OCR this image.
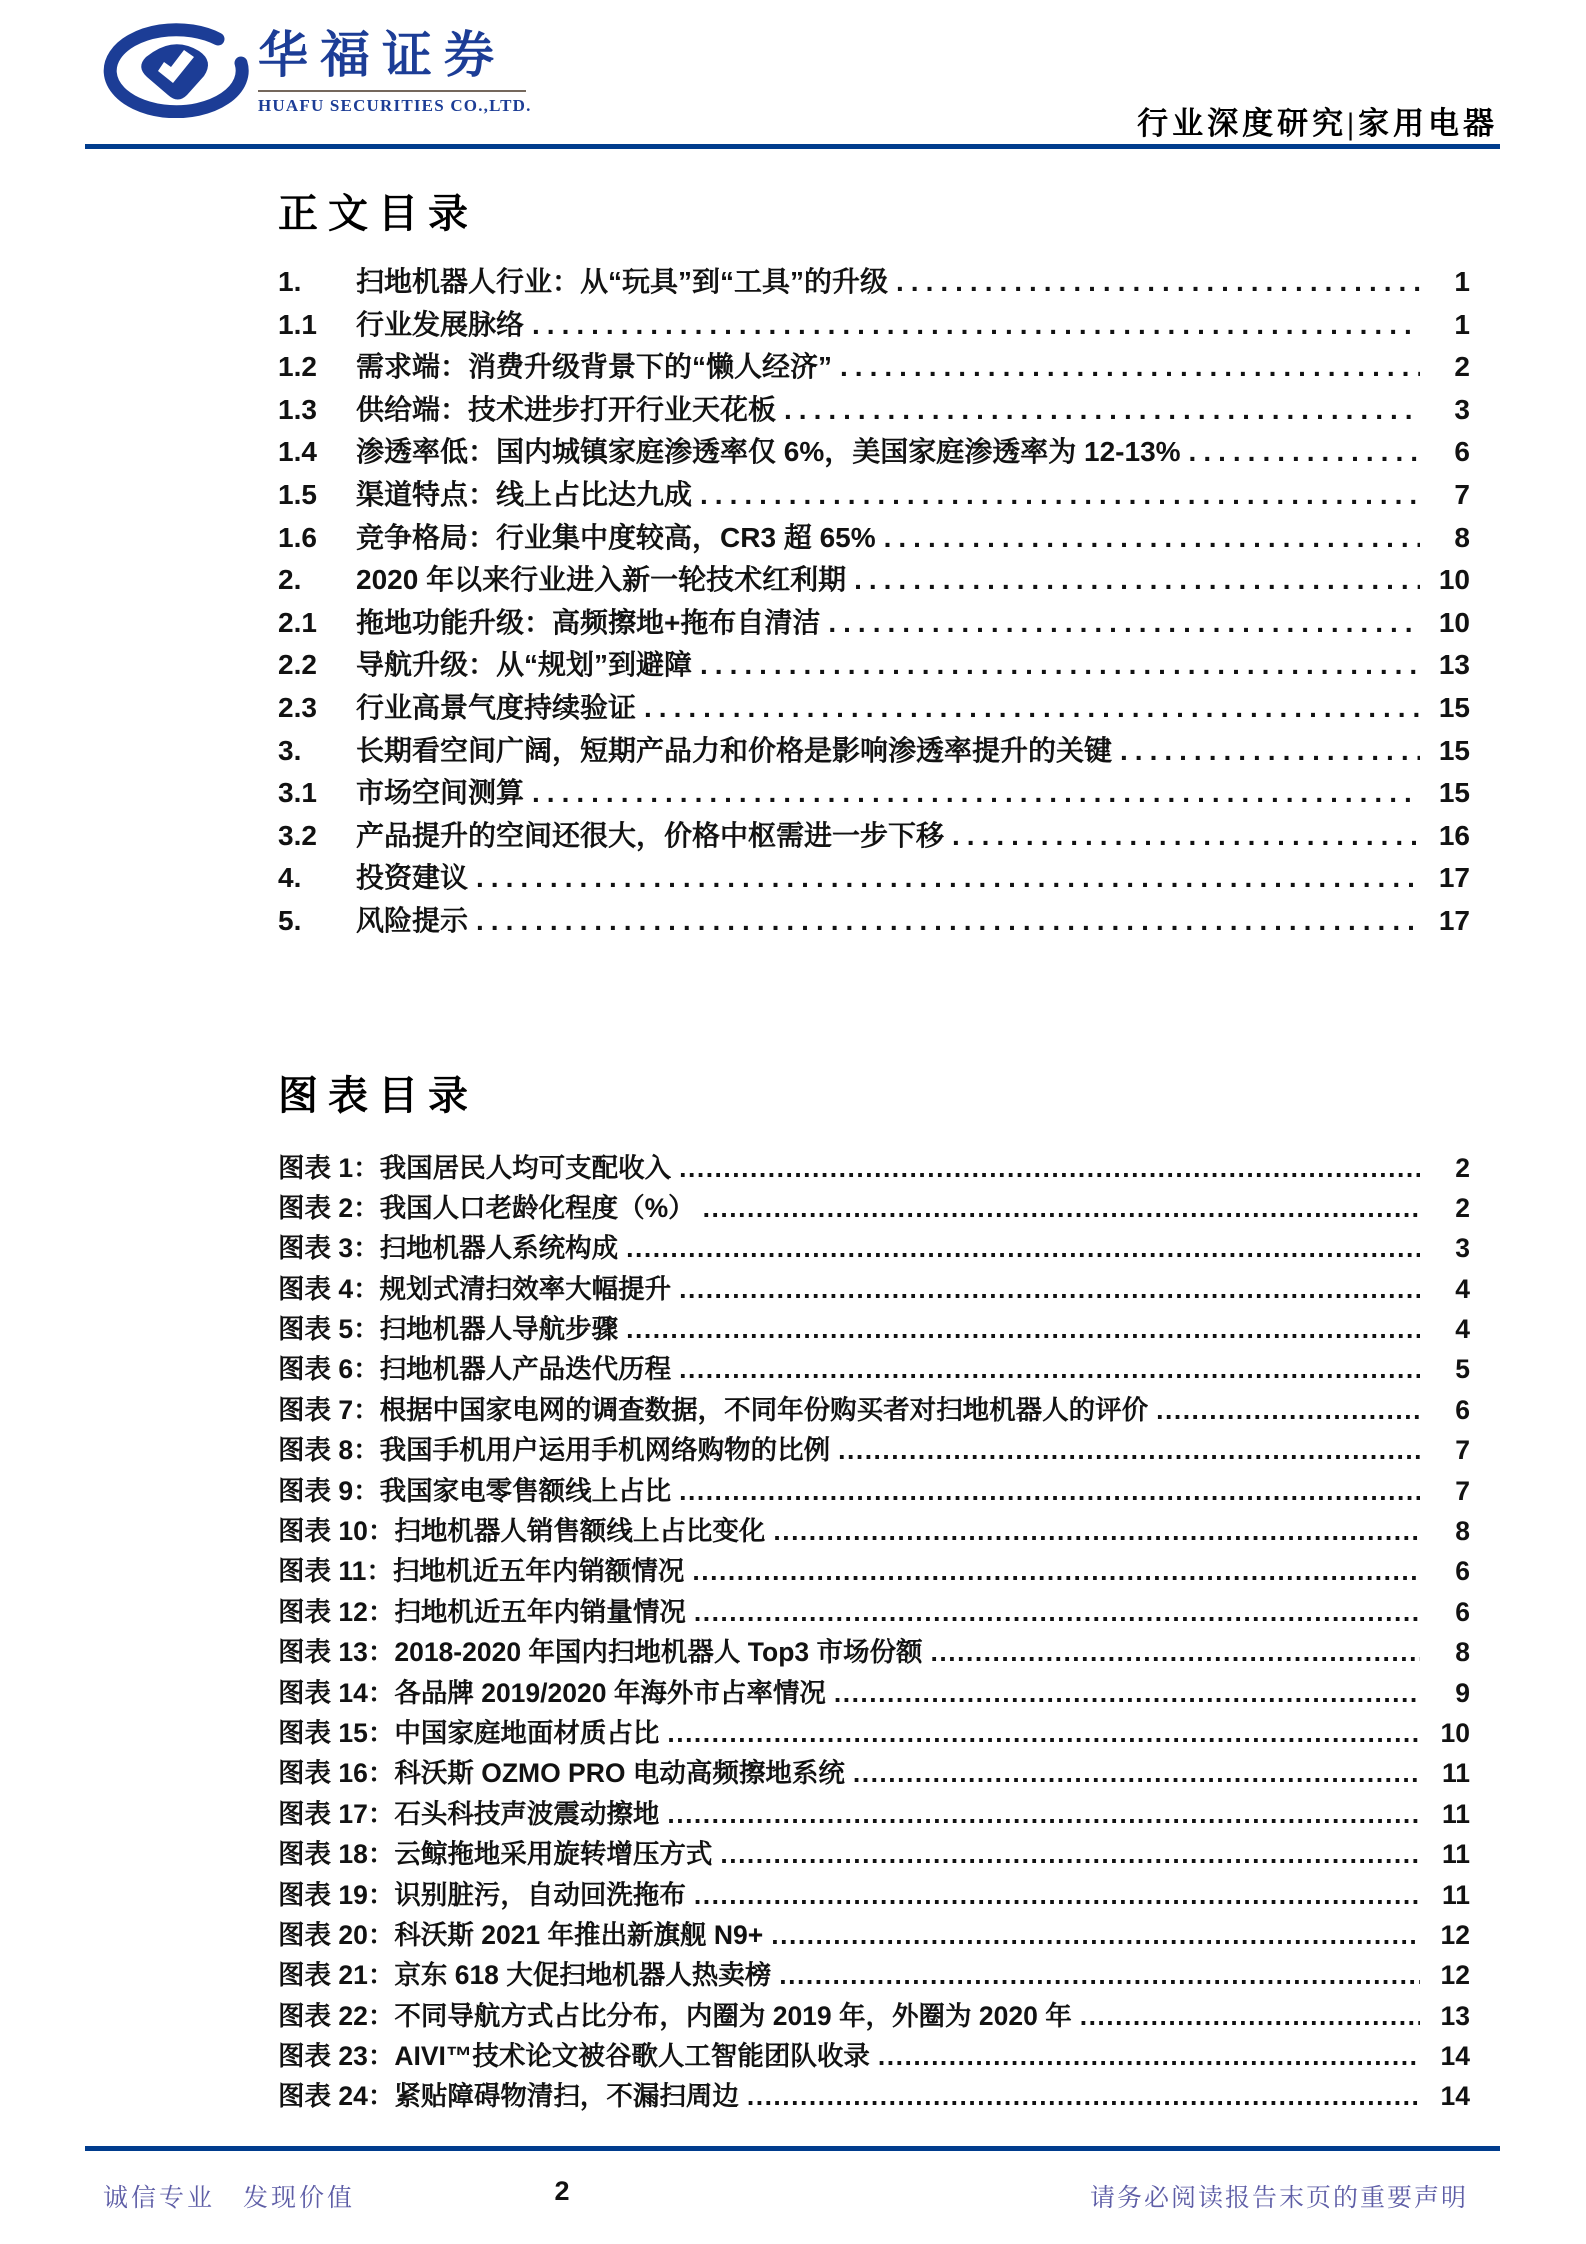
华福证券
HUAFU SECURITIES CO.,LTD.
行业深度研究|家用电器
正文目录
1.	扫地机器人行业：从“玩具”到“工具”的升级 .....	1
1.1	行业发展脉络 .....	1
1.2	需求端：消费升级背景下的“懒人经济” .....	2
1.3	供给端：技术进步打开行业天花板 .....	3
1.4	渗透率低：国内城镇家庭渗透率仅 6%，美国家庭渗透率为 12-13% .....	6
1.5	渠道特点：线上占比达九成 .....	7
1.6	竞争格局：行业集中度较高，CR3 超 65% .....	8
2.	2020 年以来行业进入新一轮技术红利期 .....	10
2.1	拖地功能升级：高频擦地+拖布自清洁 .....	10
2.2	导航升级：从“规划”到避障 .....	13
2.3	行业高景气度持续验证 .....	15
3.	长期看空间广阔，短期产品力和价格是影响渗透率提升的关键 .....	15
3.1	市场空间测算 .....	15
3.2	产品提升的空间还很大，价格中枢需进一步下移 .....	16
4.	投资建议 .....	17
5.	风险提示 .....	17
图表目录
图表 1：我国居民人均可支配收入 .....	2
图表 2：我国人口老龄化程度（%） .....	2
图表 3：扫地机器人系统构成 .....	3
图表 4：规划式清扫效率大幅提升 .....	4
图表 5：扫地机器人导航步骤 .....	4
图表 6：扫地机器人产品迭代历程 .....	5
图表 7：根据中国家电网的调查数据，不同年份购买者对扫地机器人的评价 .....	6
图表 8：我国手机用户运用手机网络购物的比例 .....	7
图表 9：我国家电零售额线上占比 .....	7
图表 10：扫地机器人销售额线上占比变化 .....	8
图表 11：扫地机近五年内销额情况 .....	6
图表 12：扫地机近五年内销量情况 .....	6
图表 13：2018-2020 年国内扫地机器人 Top3 市场份额 .....	8
图表 14：各品牌 2019/2020 年海外市占率情况 .....	9
图表 15：中国家庭地面材质占比 .....	10
图表 16：科沃斯 OZMO PRO 电动高频擦地系统 .....	11
图表 17：石头科技声波震动擦地 .....	11
图表 18：云鲸拖地采用旋转增压方式 .....	11
图表 19：识别脏污，自动回洗拖布 .....	11
图表 20：科沃斯 2021 年推出新旗舰 N9+ .....	12
图表 21：京东 618 大促扫地机器人热卖榜 .....	12
图表 22：不同导航方式占比分布，内圈为 2019 年，外圈为 2020 年 .....	13
图表 23：AIVI™技术论文被谷歌人工智能团队收录 .....	14
图表 24：紧贴障碍物清扫，不漏扫周边 .....	14
诚信专业　发现价值	2	请务必阅读报告末页的重要声明
